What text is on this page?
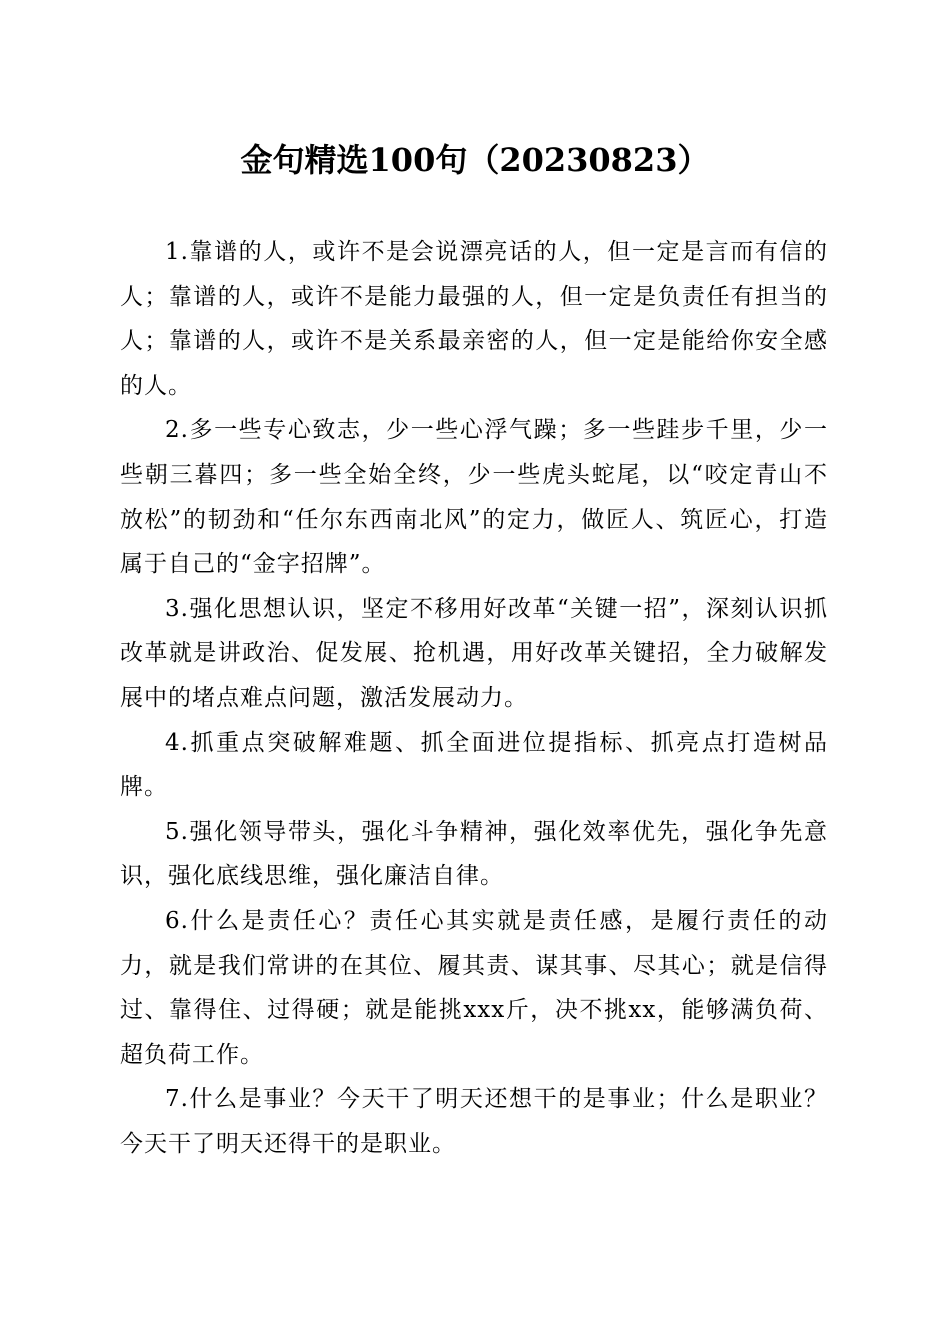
金句精选100句（20230823）

1.靠谱的人，或许不是会说漂亮话的人，但一定是言而有信的人；靠谱的人，或许不是能力最强的人，但一定是负责任有担当的人；靠谱的人，或许不是关系最亲密的人，但一定是能给你安全感的人。

2.多一些专心致志，少一些心浮气躁；多一些跬步千里，少一些朝三暮四；多一些全始全终，少一些虎头蛇尾，以“咬定青山不放松”的韧劲和“任尔东西南北风”的定力，做匠人、筑匠心，打造属于自己的“金字招牌”。

3.强化思想认识，坚定不移用好改革“关键一招”，深刻认识抓改革就是讲政治、促发展、抢机遇，用好改革关键招，全力破解发展中的堵点难点问题，激活发展动力。

4.抓重点突破解难题、抓全面进位提指标、抓亮点打造树品牌。

5.强化领导带头，强化斗争精神，强化效率优先，强化争先意识，强化底线思维，强化廉洁自律。

6.什么是责任心？责任心其实就是责任感，是履行责任的动力，就是我们常讲的在其位、履其责、谋其事、尽其心；就是信得过、靠得住、过得硬；就是能挑xxx斤，决不挑xx，能够满负荷、超负荷工作。

7.什么是事业？今天干了明天还想干的是事业；什么是职业？今天干了明天还得干的是职业。
